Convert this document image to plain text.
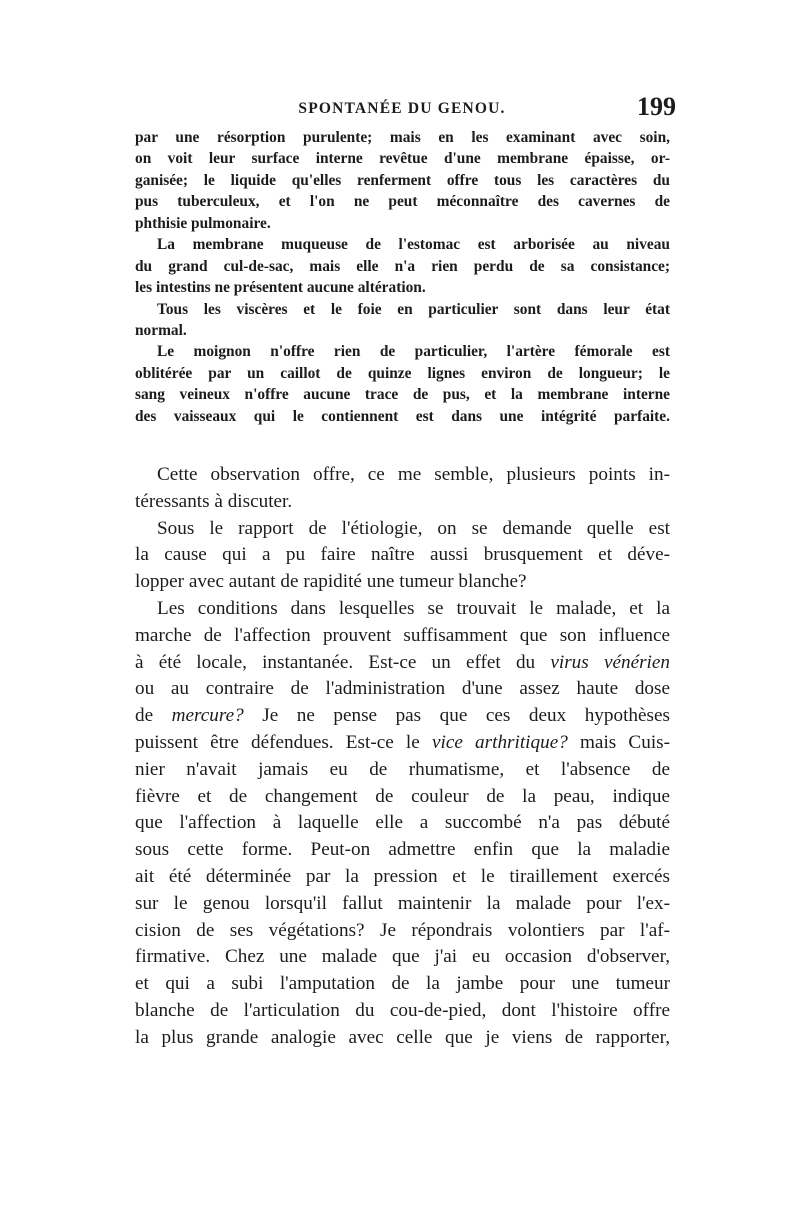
SPONTANÉE DU GENOU.	199
par une résorption purulente; mais en les examinant avec soin,
on voit leur surface interne revêtue d'une membrane épaisse, or-
ganisée; le liquide qu'elles renferment offre tous les caractères du
pus tuberculeux, et l'on ne peut méconnaître des cavernes de
phthisie pulmonaire.
La membrane muqueuse de l'estomac est arborisée au niveau
du grand cul-de-sac, mais elle n'a rien perdu de sa consistance;
les intestins ne présentent aucune altération.
Tous les viscères et le foie en particulier sont dans leur état
normal.
Le moignon n'offre rien de particulier, l'artère fémorale est
oblitérée par un caillot de quinze lignes environ de longueur; le
sang veineux n'offre aucune trace de pus, et la membrane interne
des vaisseaux qui le contiennent est dans une intégrité parfaite.
Cette observation offre, ce me semble, plusieurs points in-
téressants à discuter.
Sous le rapport de l'étiologie, on se demande quelle est
la cause qui a pu faire naître aussi brusquement et déve-
lopper avec autant de rapidité une tumeur blanche?
Les conditions dans lesquelles se trouvait le malade, et la
marche de l'affection prouvent suffisamment que son influence
à été locale, instantanée. Est-ce un effet du virus vénérien
ou au contraire de l'administration d'une assez haute dose
de mercure? Je ne pense pas que ces deux hypothèses
puissent être défendues. Est-ce le vice arthritique? mais Cuis-
nier n'avait jamais eu de rhumatisme, et l'absence de
fièvre et de changement de couleur de la peau, indique
que l'affection à laquelle elle a succombé n'a pas débuté
sous cette forme. Peut-on admettre enfin que la maladie
ait été déterminée par la pression et le tiraillement exercés
sur le genou lorsqu'il fallut maintenir la malade pour l'ex-
cision de ses végétations? Je répondrais volontiers par l'af-
firmative. Chez une malade que j'ai eu occasion d'observer,
et qui a subi l'amputation de la jambe pour une tumeur
blanche de l'articulation du cou-de-pied, dont l'histoire offre
la plus grande analogie avec celle que je viens de rapporter,
